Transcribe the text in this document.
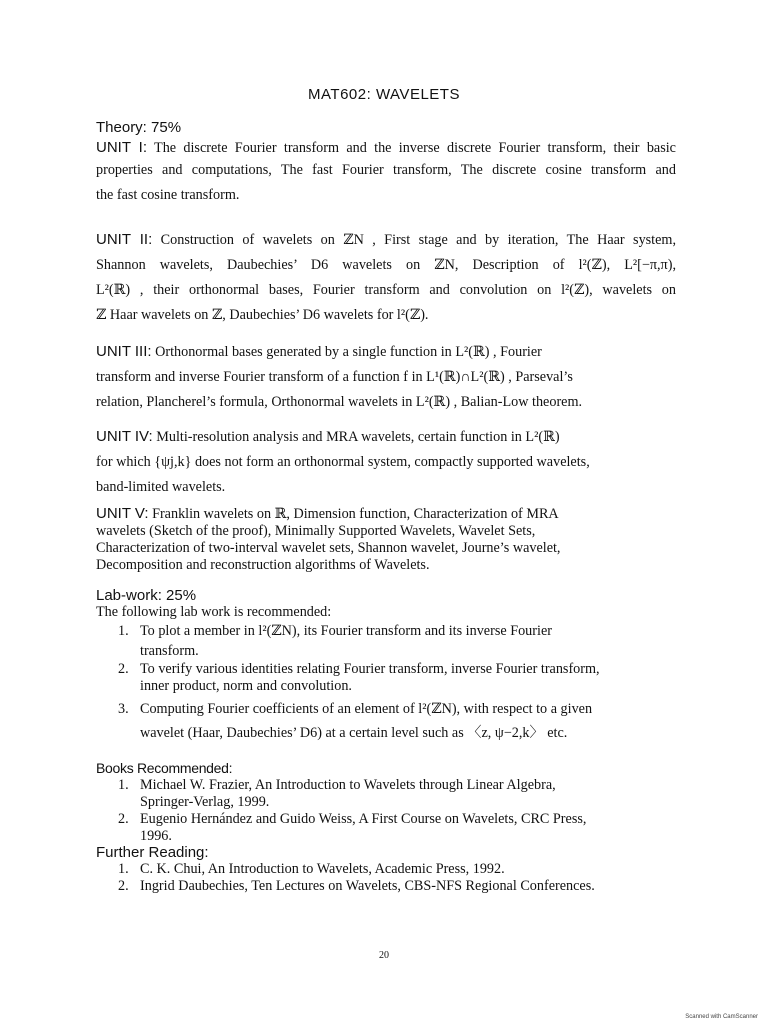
MAT602: WAVELETS
Theory: 75%
UNIT I: The discrete Fourier transform and the inverse discrete Fourier transform, their basic
properties and computations, The fast Fourier transform, The discrete cosine transform and
the fast cosine transform.
UNIT II: Construction of wavelets on ℤN , First stage and by iteration, The Haar system,
Shannon wavelets, Daubechies’ D6 wavelets on ℤN, Description of l²(ℤ), L²[−π,π),
L²(ℝ) , their orthonormal bases, Fourier transform and convolution on l²(ℤ), wavelets on
ℤ Haar wavelets on ℤ, Daubechies’ D6 wavelets for l²(ℤ).
UNIT III: Orthonormal bases generated by a single function in L²(ℝ) , Fourier
transform and inverse Fourier transform of a function f in L¹(ℝ)∩L²(ℝ) , Parseval’s
relation, Plancherel’s formula, Orthonormal wavelets in L²(ℝ) , Balian-Low theorem.
UNIT IV: Multi-resolution analysis and MRA wavelets, certain function in L²(ℝ)
for which {ψj,k} does not form an orthonormal system, compactly supported wavelets,
band-limited wavelets.
UNIT V: Franklin wavelets on ℝ, Dimension function, Characterization of MRA
wavelets (Sketch of the proof), Minimally Supported Wavelets, Wavelet Sets,
Characterization of two-interval wavelet sets, Shannon wavelet, Journe’s wavelet,
Decomposition and reconstruction algorithms of Wavelets.
Lab-work: 25%
The following lab work is recommended:
1. To plot a member in l²(ℤN), its Fourier transform and its inverse Fourier
transform.
2. To verify various identities relating Fourier transform, inverse Fourier transform,
inner product, norm and convolution.
3. Computing Fourier coefficients of an element of l²(ℤN), with respect to a given
wavelet (Haar, Daubechies’ D6) at a certain level such as 〈z, ψ−2,k〉 etc.
Books Recommended:
1. Michael W. Frazier, An Introduction to Wavelets through Linear Algebra,
Springer-Verlag, 1999.
2. Eugenio Hernández and Guido Weiss, A First Course on Wavelets, CRC Press,
1996.
Further Reading:
1. C. K. Chui, An Introduction to Wavelets, Academic Press, 1992.
2. Ingrid Daubechies, Ten Lectures on Wavelets, CBS-NFS Regional Conferences.
20
Scanned with CamScanner
